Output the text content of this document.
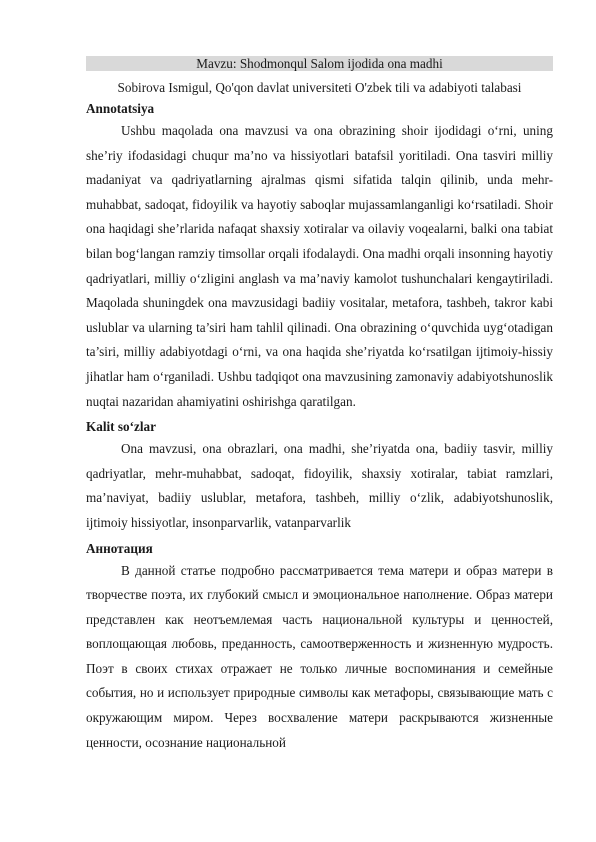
Mavzu: Shodmonqul Salom ijodida ona madhi
Sobirova Ismigul, Qo'qon davlat universiteti O'zbek tili va adabiyoti talabasi
Annotatsiya

Ushbu maqolada ona mavzusi va ona obrazining shoir ijodidagi o‘rni, uning she’riy ifodasidagi chuqur ma’no va hissiyotlari batafsil yoritiladi. Ona tasviri milliy madaniyat va qadriyatlarning ajralmas qismi sifatida talqin qilinib, unda mehr-muhabbat, sadoqat, fidoyilik va hayotiy saboqlar mujassamlanganligi ko‘rsatiladi. Shoir ona haqidagi she’rlarida nafaqat shaxsiy xotiralar va oilaviy voqealarni, balki ona tabiat bilan bog‘langan ramziy timsollar orqali ifodalaydi. Ona madhi orqali insonning hayotiy qadriyatlari, milliy o‘zligini anglash va ma’naviy kamolot tushunchalari kengaytiriladi. Maqolada shuningdek ona mavzusidagi badiiy vositalar, metafora, tashbeh, takror kabi uslublar va ularning ta’siri ham tahlil qilinadi. Ona obrazining o‘quvchida uyg‘otadigan ta’siri, milliy adabiyotdagi o‘rni, va ona haqida she’riyatda ko‘rsatilgan ijtimoiy-hissiy jihatlar ham o‘rganiladi. Ushbu tadqiqot ona mavzusining zamonaviy adabiyotshunoslik nuqtai nazaridan ahamiyatini oshirishga qaratilgan.

Kalit so‘zlar

Ona mavzusi, ona obrazlari, ona madhi, she’riyatda ona, badiiy tasvir, milliy qadriyatlar, mehr-muhabbat, sadoqat, fidoyilik, shaxsiy xotiralar, tabiat ramzlari, ma’naviyat, badiiy uslublar, metafora, tashbeh, milliy o‘zlik, adabiyotshunoslik, ijtimoiy hissiyotlar, insonparvarlik, vatanparvarlik

Аннотация

В данной статье подробно рассматривается тема матери и образ матери в творчестве поэта, их глубокий смысл и эмоциональное наполнение. Образ матери представлен как неотъемлемая часть национальной культуры и ценностей, воплощающая любовь, преданность, самоотверженность и жизненную мудрость. Поэт в своих стихах отражает не только личные воспоминания и семейные события, но и использует природные символы как метафоры, связывающие мать с окружающим миром. Через восхваление матери раскрываются жизненные ценности, осознание национальной
